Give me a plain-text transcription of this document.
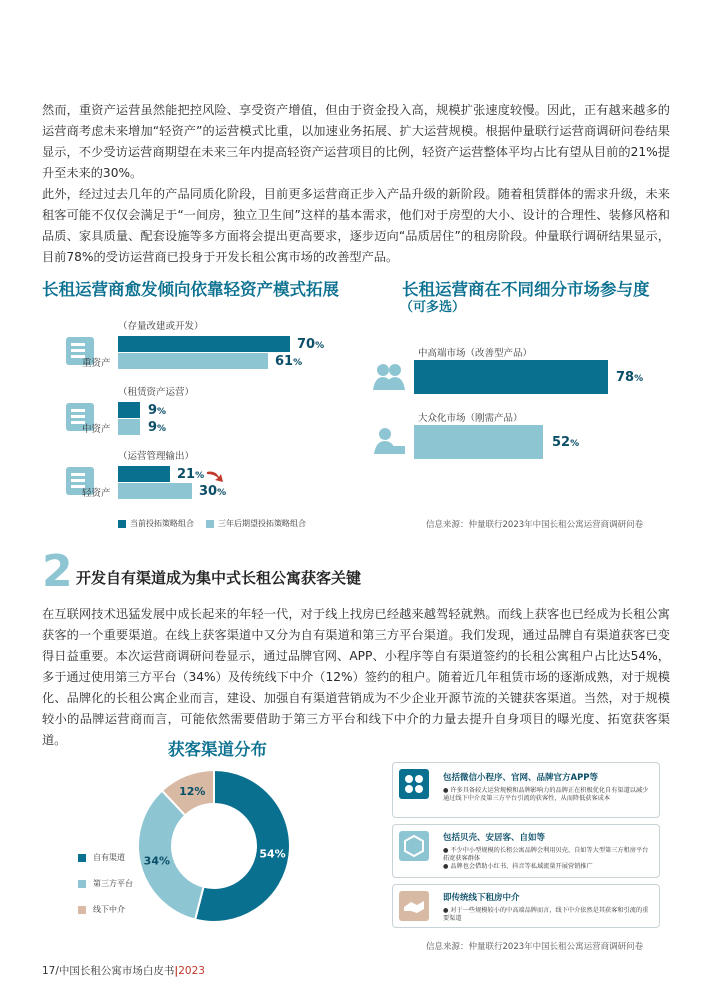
然而，重资产运营虽然能把控风险、享受资产增值，但由于资金投入高，规模扩张速度较慢。因此，正有越来越多的运营商考虑未来增加“轻资产”的运营模式比重，以加速业务拓展、扩大运营规模。根据仲量联行运营商调研问卷结果显示，不少受访运营商期望在未来三年内提高轻资产运营项目的比例，轻资产运营整体平均占比有望从目前的21%提升至未来的30%。

此外，经过过去几年的产品同质化阶段，目前更多运营商正步入产品升级的新阶段。随着租赁群体的需求升级，未来租客可能不仅仅会满足于“一间房，独立卫生间”这样的基本需求，他们对于房型的大小、设计的合理性、装修风格和品质、家具质量、配套设施等多方面将会提出更高要求，逐步迈向“品质居住”的租房阶段。仲量联行调研结果显示，目前78%的受访运营商已投身于开发长租公寓市场的改善型产品。

长租运营商愈发倾向依靠轻资产模式拓展
重资产
（存量改建或开发）
70%
61%
中资产
（租赁资产运营）
9%
9%
轻资产
（运营管理输出）
21%
30%
当前投拓策略组合	三年后期望投拓策略组合
长租运营商在不同细分市场参与度
（可多选）
中高端市场（改善型产品）
78%
大众化市场（刚需产品）
52%
信息来源：仲量联行2023年中国长租公寓运营商调研问卷
2 开发自有渠道成为集中式长租公寓获客关键

在互联网技术迅猛发展中成长起来的年轻一代，对于线上找房已经越来越驾轻就熟。而线上获客也已经成为长租公寓获客的一个重要渠道。在线上获客渠道中又分为自有渠道和第三方平台渠道。我们发现，通过品牌自有渠道获客已变得日益重要。本次运营商调研问卷显示，通过品牌官网、APP、小程序等自有渠道签约的长租公寓租户占比达54%，多于通过使用第三方平台（34%）及传统线下中介（12%）签约的租户。随着近几年租赁市场的逐渐成熟，对于规模化、品牌化的长租公寓企业而言，建设、加强自有渠道营销成为不少企业开源节流的关键获客渠道。当然，对于规模较小的品牌运营商而言，可能依然需要借助于第三方平台和线下中介的力量去提升自身项目的曝光度、拓宽获客渠道。	获客渠道分布
54%
34%
12%
自有渠道
第三方平台
线下中介
包括微信小程序、官网、品牌官方APP等
● 许多具备较大运营规模和品牌影响力的品牌正在积极优化自有渠道以减少通过线下中介及第三方平台引流的获客性，从而降低获客成本
包括贝壳、安居客、自如等
● 不少中小型规模的长租公寓品牌会利用贝壳、自如等大型第三方租房平台拓宽获客群体
● 品牌也会借助小红书、抖音等私域流量开展营销推广
即传统线下租房中介
● 对于一些规模较小的中高端品牌而言，线下中介依然是其获客和引流的重要渠道
信息来源：仲量联行2023年中国长租公寓运营商调研问卷
17/中国长租公寓市场白皮书|2023
